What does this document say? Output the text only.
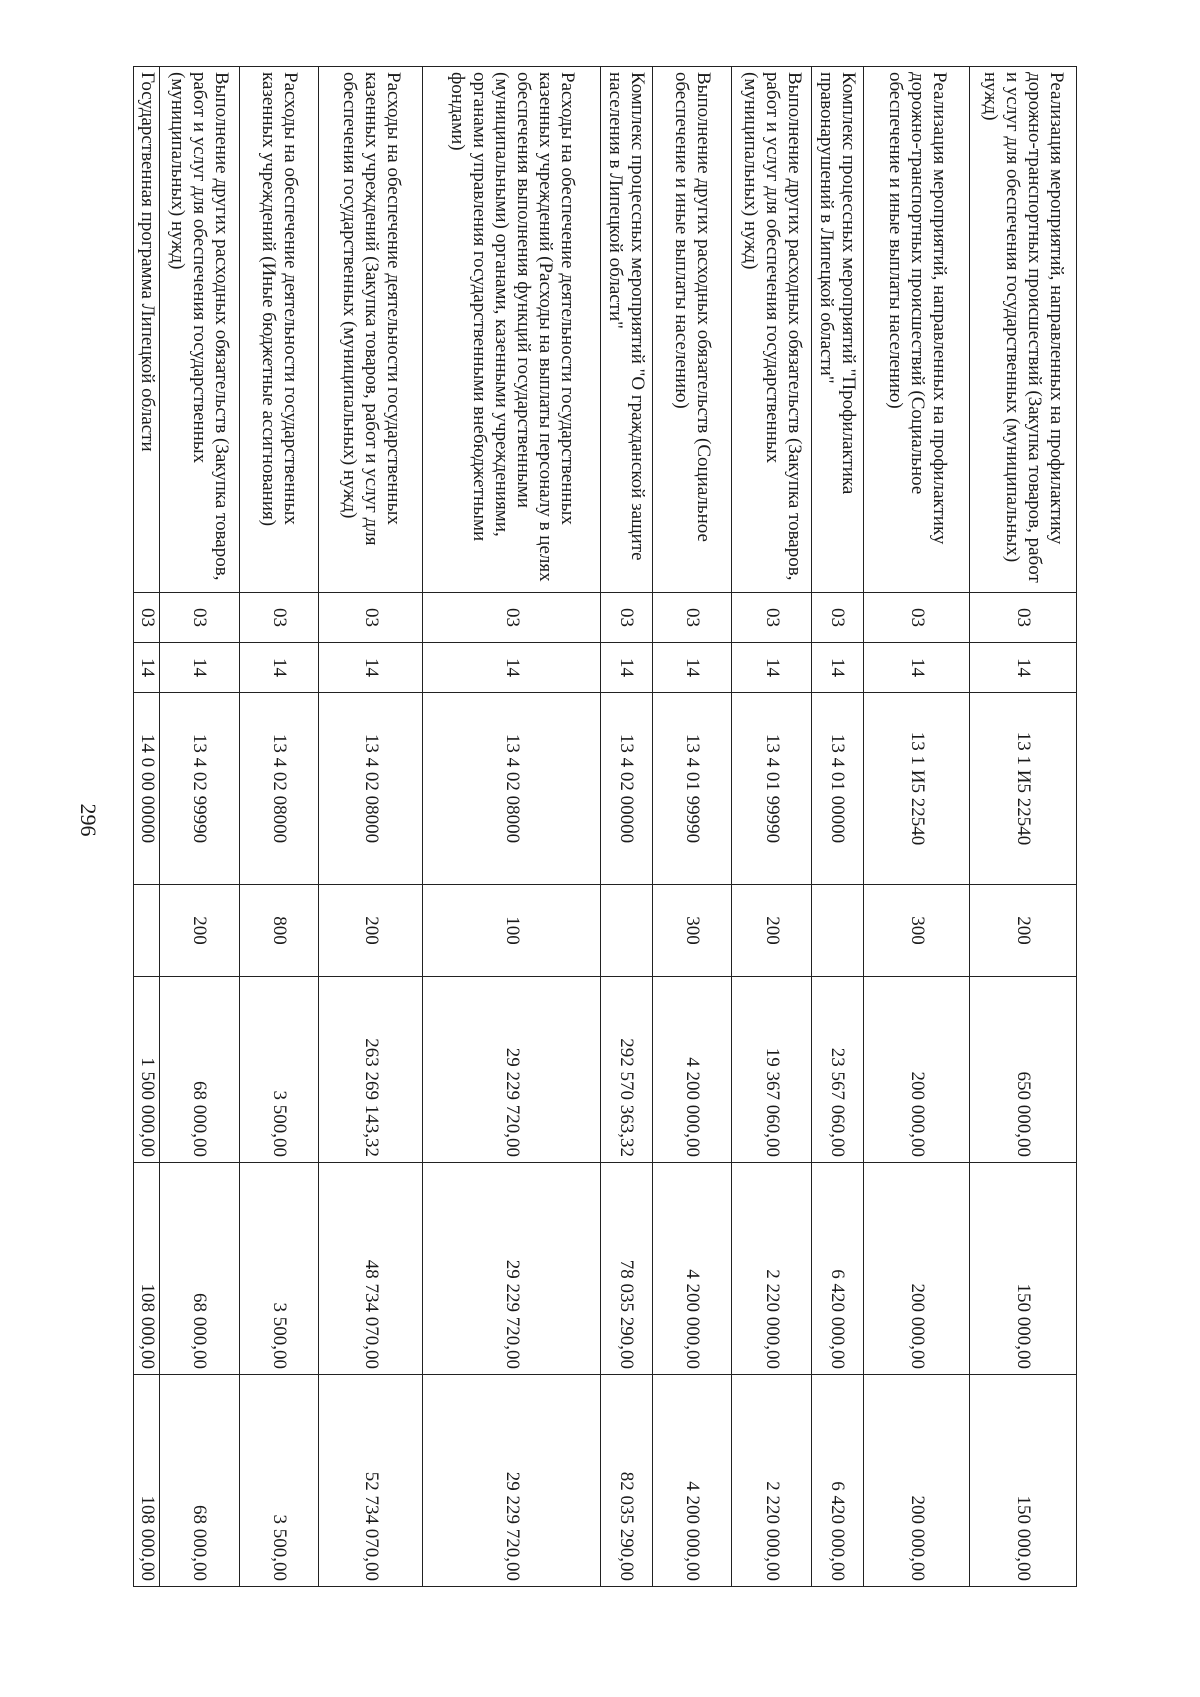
296
Реализация мероприятий, направленных на профилактику дорожно-транспортных происшествий (Закупка товаров, работ и услуг для обеспечения государственных (муниципальных) нужд)	03	14	13 1 И5 22540	200	650 000,00	150 000,00	150 000,00
Реализация мероприятий, направленных на профилактику дорожно-транспортных происшествий (Социальное обеспечение и иные выплаты населению)	03	14	13 1 И5 22540	300	200 000,00	200 000,00	200 000,00
Комплекс процессных мероприятий "Профилактика правонарушений в Липецкой области"	03	14	13 4 01 00000		23 567 060,00	6 420 000,00	6 420 000,00
Выполнение других расходных обязательств (Закупка товаров, работ и услуг для обеспечения государственных (муниципальных) нужд)	03	14	13 4 01 99990	200	19 367 060,00	2 220 000,00	2 220 000,00
Выполнение других расходных обязательств (Социальное обеспечение и иные выплаты населению)	03	14	13 4 01 99990	300	4 200 000,00	4 200 000,00	4 200 000,00
Комплекс процессных мероприятий "О гражданской защите населения в Липецкой области"	03	14	13 4 02 00000		292 570 363,32	78 035 290,00	82 035 290,00
Расходы на обеспечение деятельности государственных казенных учреждений (Расходы на выплаты персоналу в целях обеспечения выполнения функций государственными (муниципальными) органами, казенными учреждениями, органами управления государственными внебюджетными фондами)	03	14	13 4 02 08000	100	29 229 720,00	29 229 720,00	29 229 720,00
Расходы на обеспечение деятельности государственных казенных учреждений (Закупка товаров, работ и услуг для обеспечения государственных (муниципальных) нужд)	03	14	13 4 02 08000	200	263 269 143,32	48 734 070,00	52 734 070,00
Расходы на обеспечение деятельности государственных казенных учреждений (Иные бюджетные ассигнования)	03	14	13 4 02 08000	800	3 500,00	3 500,00	3 500,00
Выполнение других расходных обязательств (Закупка товаров, работ и услуг для обеспечения государственных (муниципальных) нужд)	03	14	13 4 02 99990	200	68 000,00	68 000,00	68 000,00
Государственная программа Липецкой области	03	14	14 0 00 00000		1 500 000,00	108 000,00	108 000,00
